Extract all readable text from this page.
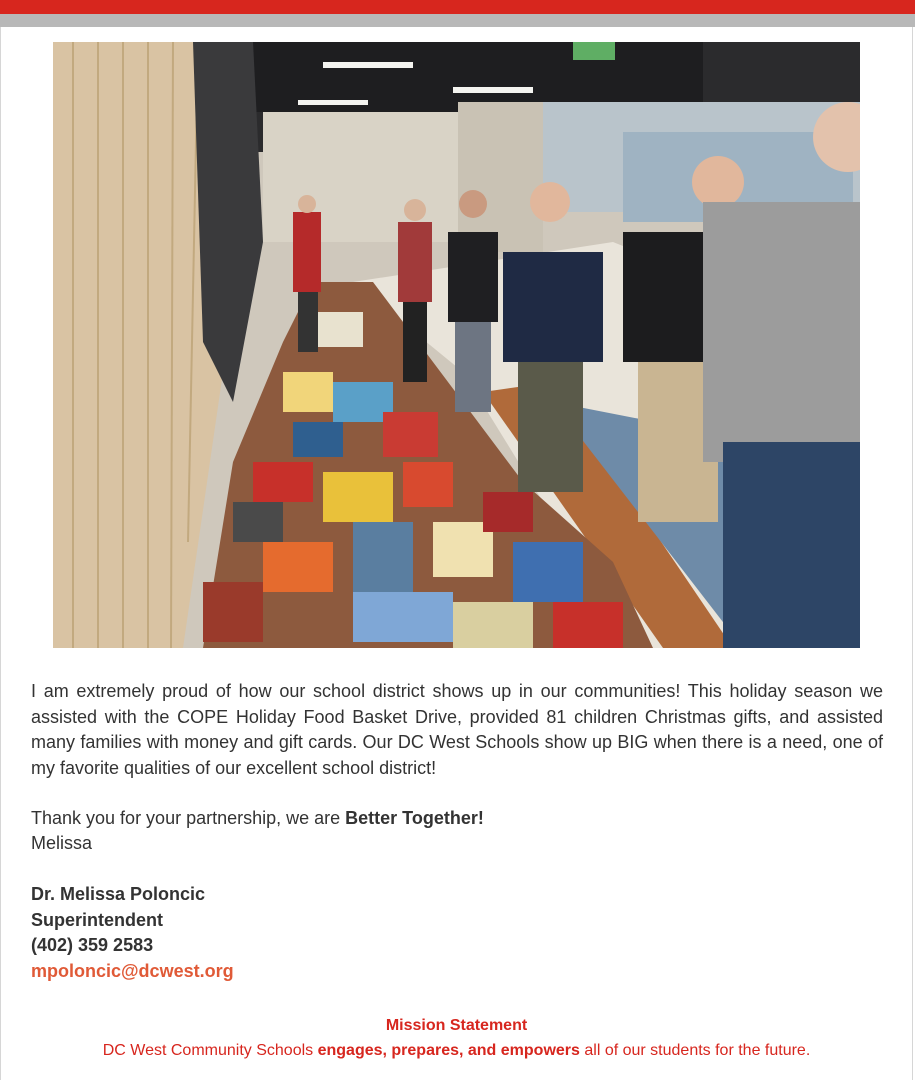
I am extremely proud of how our school district shows up in our communities! This holiday season we assisted with the COPE Holiday Food Basket Drive, provided 81 children Christmas gifts, and assisted many families with money and gift cards. Our DC West Schools show up BIG when there is a need, one of my favorite qualities of our excellent school district!

Thank you for your partnership, we are Better Together!

Melissa

Dr. Melissa Poloncic
Superintendent
(402) 359 2583
mpoloncic@dcwest.org
Mission Statement
DC West Community Schools engages, prepares, and empowers all of our students for the future.
